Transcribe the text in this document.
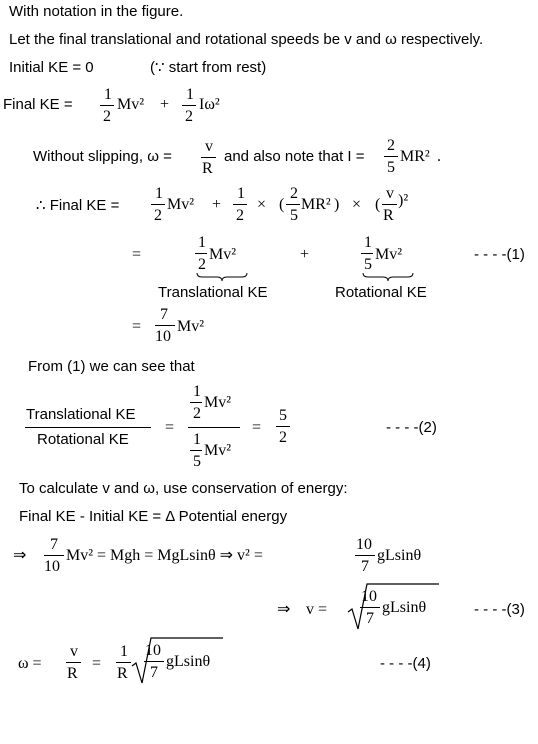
With notation in the figure.
Let the final translational and rotational speeds be v and ω respectively.
Initial KE = 0	(∵ start from rest)
Final KE =
1
2
Mv² +
1
2
Iω²
Without slipping, ω =
v
R
and also note that I =
2
5
MR² .
∴ Final KE =
1
2
Mv² +
1
2
× (
2
5
MR² ) × (
v
R
)²
=
1
2
Mv²	+
1
5
Mv²	- - - -(1)
Translational KE	Rotational KE
=
7
10
Mv²
From (1) we can see that
Translational KE
Rotational KE
=
1
2
Mv²
1
5
Mv²
=
5
2
- - - -(2)
To calculate v and ω, use conservation of energy:
Final KE - Initial KE = Δ Potential energy
⇒
7
10
Mv² = Mgh = MgLsinθ ⇒ v² =
10
7
gLsinθ
⇒ v =
10
7
gLsinθ	- - - -(3)
ω =
v
R
=
1
R
10
7
gLsinθ	- - - -(4)
